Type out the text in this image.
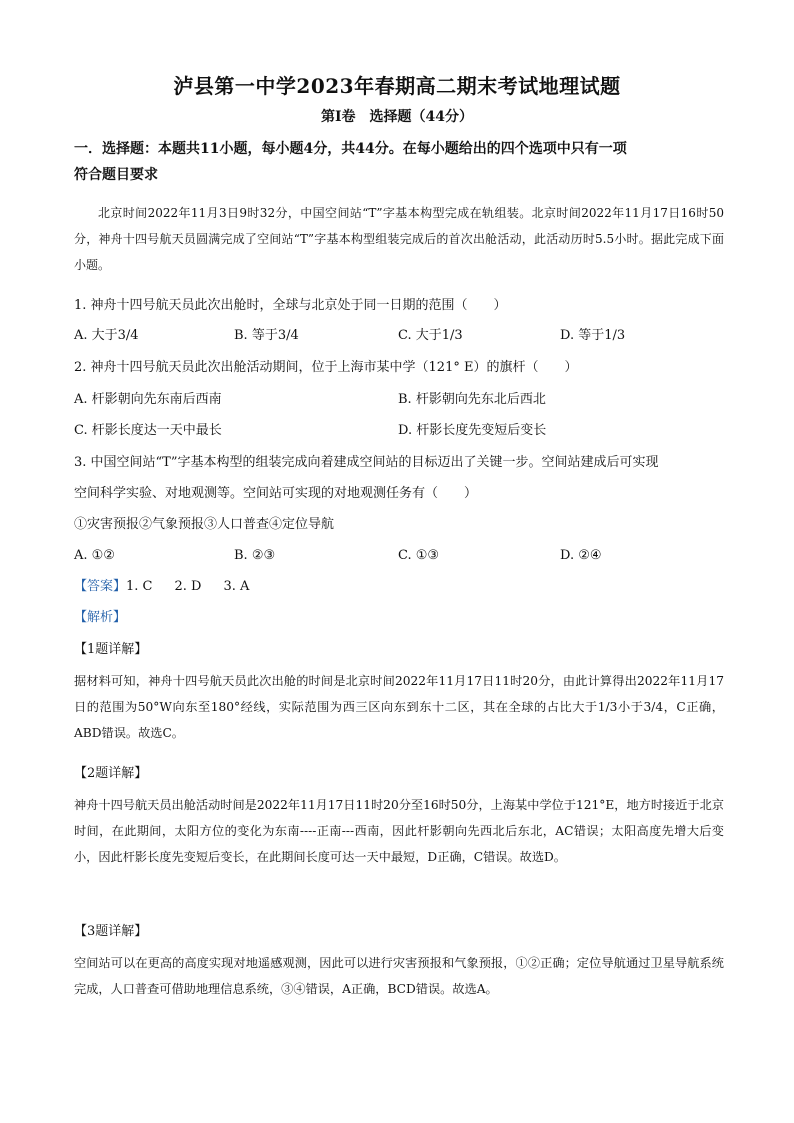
泸县第一中学2023年春期高二期末考试地理试题
第Ⅰ卷　选择题（44分）
一．选择题：本题共11小题，每小题4分，共44分。在每小题给出的四个选项中只有一项
符合题目要求
北京时间2022年11月3日9时32分，中国空间站“T”字基本构型完成在轨组装。北京时间2022年11月17日16时50分，神舟十四号航天员圆满完成了空间站“T”字基本构型组装完成后的首次出舱活动，此活动历时5.5小时。据此完成下面小题。
1. 神舟十四号航天员此次出舱时，全球与北京处于同一日期的范围（　　）
A. 大于3/4	B. 等于3/4	C. 大于1/3	D. 等于1/3
2. 神舟十四号航天员此次出舱活动期间，位于上海市某中学（121° E）的旗杆（　　）
A. 杆影朝向先东南后西南	B. 杆影朝向先东北后西北
C. 杆影长度达一天中最长	D. 杆影长度先变短后变长
3. 中国空间站“T”字基本构型的组装完成向着建成空间站的目标迈出了关键一步。空间站建成后可实现
空间科学实验、对地观测等。空间站可实现的对地观测任务有（　　）
①灾害预报②气象预报③人口普查④定位导航
A. ①②	B. ②③	C. ①③	D. ②④
【答案】1. C 2. D 3. A
【解析】
【1题详解】
据材料可知，神舟十四号航天员此次出舱的时间是北京时间2022年11月17日11时20分，由此计算得出2022年11月17日的范围为50°W向东至180°经线，实际范围为西三区向东到东十二区，其在全球的占比大于1/3小于3/4，C正确，ABD错误。故选C。
【2题详解】
神舟十四号航天员出舱活动时间是2022年11月17日11时20分至16时50分，上海某中学位于121°E，地方时接近于北京时间，在此期间，太阳方位的变化为东南----正南---西南，因此杆影朝向先西北后东北，AC错误；太阳高度先增大后变小，因此杆影长度先变短后变长，在此期间长度可达一天中最短，D正确，C错误。故选D。
【3题详解】
空间站可以在更高的高度实现对地遥感观测，因此可以进行灾害预报和气象预报，①②正确；定位导航通过卫星导航系统完成，人口普查可借助地理信息系统，③④错误，A正确，BCD错误。故选A。
